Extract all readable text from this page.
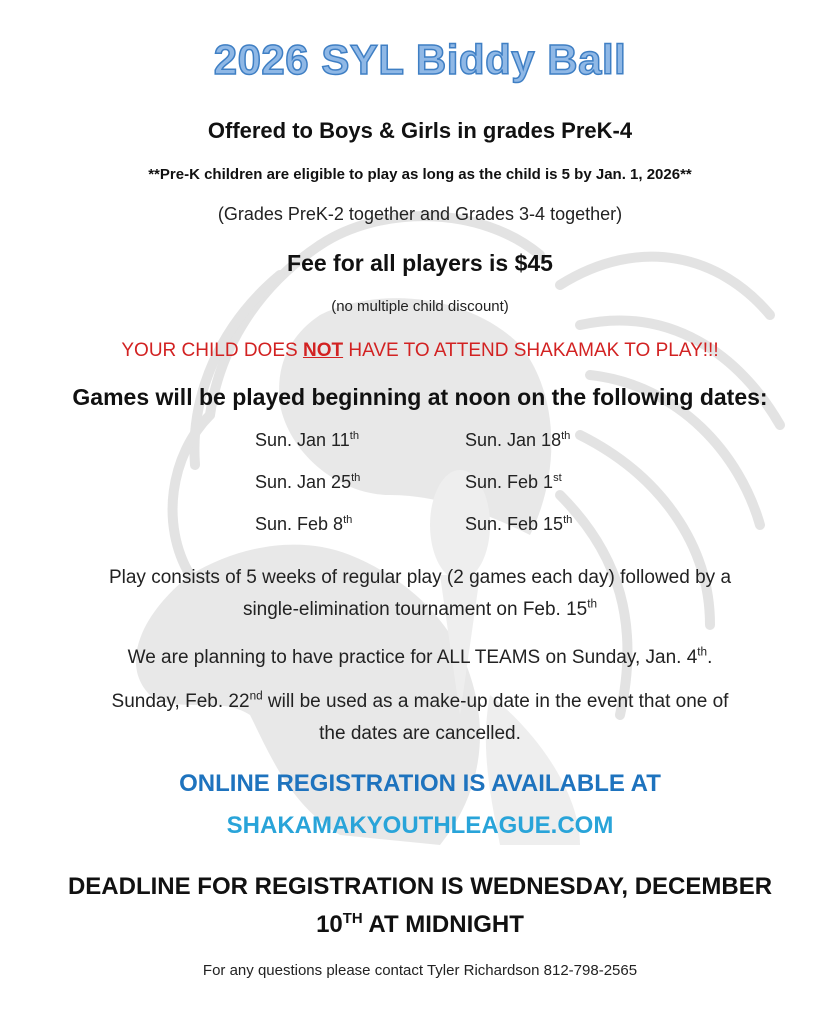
2026 SYL Biddy Ball
Offered to Boys & Girls in grades PreK-4
**Pre-K children are eligible to play as long as the child is 5 by Jan. 1, 2026**
(Grades PreK-2 together and Grades 3-4 together)
Fee for all players is $45
(no multiple child discount)
YOUR CHILD DOES NOT HAVE TO ATTEND SHAKAMAK TO PLAY!!!
Games will be played beginning at noon on the following dates:
Sun. Jan 11th	Sun. Jan 18th
Sun. Jan 25th	Sun. Feb 1st
Sun. Feb 8th	Sun. Feb 15th
Play consists of 5 weeks of regular play (2 games each day) followed by a
single-elimination tournament on Feb. 15th
We are planning to have practice for ALL TEAMS on Sunday, Jan. 4th.
Sunday, Feb. 22nd will be used as a make-up date in the event that one of
the dates are cancelled.
ONLINE REGISTRATION IS AVAILABLE AT
SHAKAMAKYOUTHLEAGUE.COM
DEADLINE FOR REGISTRATION IS WEDNESDAY, DECEMBER
10TH AT MIDNIGHT
For any questions please contact Tyler Richardson 812-798-2565
